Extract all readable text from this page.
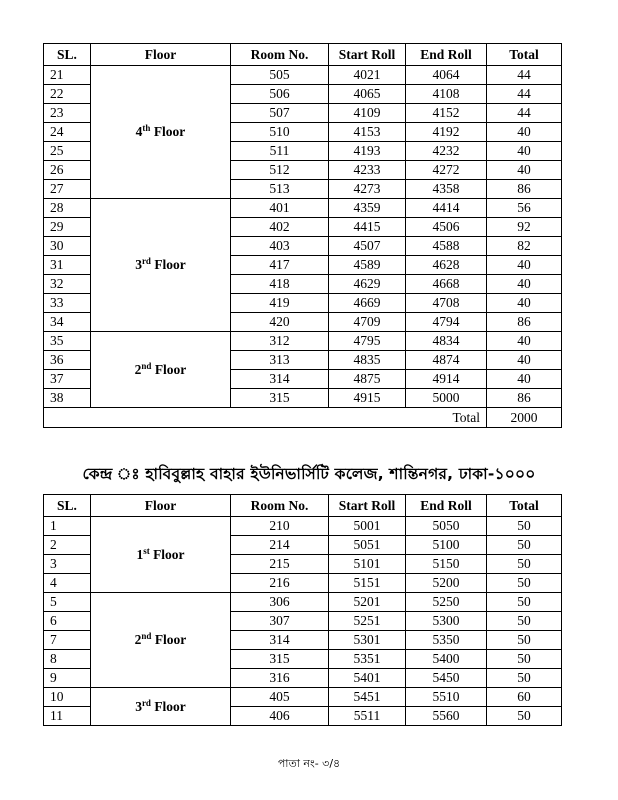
SL.	Floor	Room No.	Start Roll	End Roll	Total
21	4th Floor	505	4021	4064	44
22		506	4065	4108	44
23		507	4109	4152	44
24		510	4153	4192	40
25		511	4193	4232	40
26		512	4233	4272	40
27		513	4273	4358	86
28	3rd Floor	401	4359	4414	56
29		402	4415	4506	92
30		403	4507	4588	82
31		417	4589	4628	40
32		418	4629	4668	40
33		419	4669	4708	40
34		420	4709	4794	86
35	2nd Floor	312	4795	4834	40
36		313	4835	4874	40
37		314	4875	4914	40
38		315	4915	5000	86
				Total	2000
কেন্দ্র ঃ হাবিবুল্লাহ বাহার ইউনিভার্সিটি কলেজ, শান্তিনগর, ঢাকা-১০০০
SL.	Floor	Room No.	Start Roll	End Roll	Total
1	1st Floor	210	5001	5050	50
2		214	5051	5100	50
3		215	5101	5150	50
4		216	5151	5200	50
5	2nd Floor	306	5201	5250	50
6		307	5251	5300	50
7		314	5301	5350	50
8		315	5351	5400	50
9		316	5401	5450	50
10	3rd Floor	405	5451	5510	60
11		406	5511	5560	50
পাতা নং- ৩/৪
